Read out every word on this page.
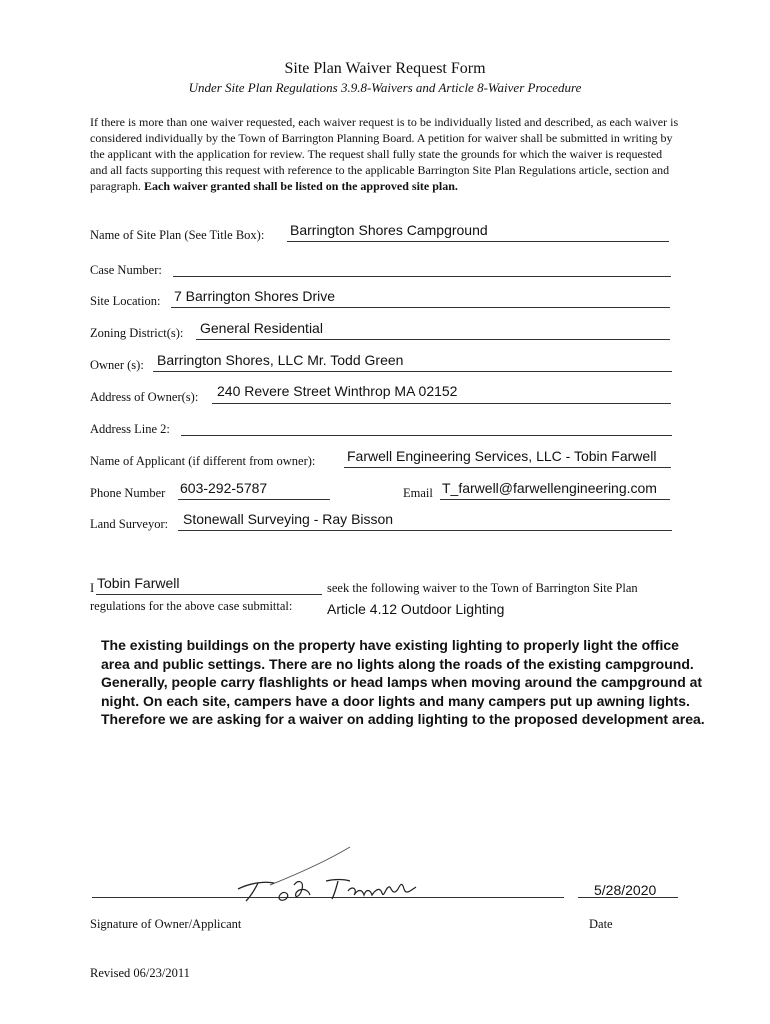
Site Plan Waiver Request Form
Under Site Plan Regulations 3.9.8-Waivers and Article 8-Waiver Procedure
If there is more than one waiver requested, each waiver request is to be individually listed and described, as each waiver is considered individually by the Town of Barrington Planning Board. A petition for waiver shall be submitted in writing by the applicant with the application for review. The request shall fully state the grounds for which the waiver is requested and all facts supporting this request with reference to the applicable Barrington Site Plan Regulations article, section and paragraph. Each waiver granted shall be listed on the approved site plan.
Name of Site Plan (See Title Box): Barrington Shores Campground
Case Number:
Site Location: 7 Barrington Shores Drive
Zoning District(s): General Residential
Owner (s): Barrington Shores, LLC Mr. Todd Green
Address of Owner(s): 240 Revere Street Winthrop MA 02152
Address Line 2:
Name of Applicant (if different from owner): Farwell Engineering Services, LLC - Tobin Farwell
Phone Number 603-292-5787	Email T_farwell@farwellengineering.com
Land Surveyor: Stonewall Surveying - Ray Bisson
I Tobin Farwell	seek the following waiver to the Town of Barrington Site Plan
regulations for the above case submittal: Article 4.12 Outdoor Lighting
The existing buildings on the property have existing lighting to properly light the office
area and public settings. There are no lights along the roads of the existing campground.
Generally, people carry flashlights or head lamps when moving around the campground at
night. On each site, campers have a door lights and many campers put up awning lights.
Therefore we are asking for a waiver on adding lighting to the proposed development area.
5/28/2020
Signature of Owner/Applicant	Date
Revised 06/23/2011
